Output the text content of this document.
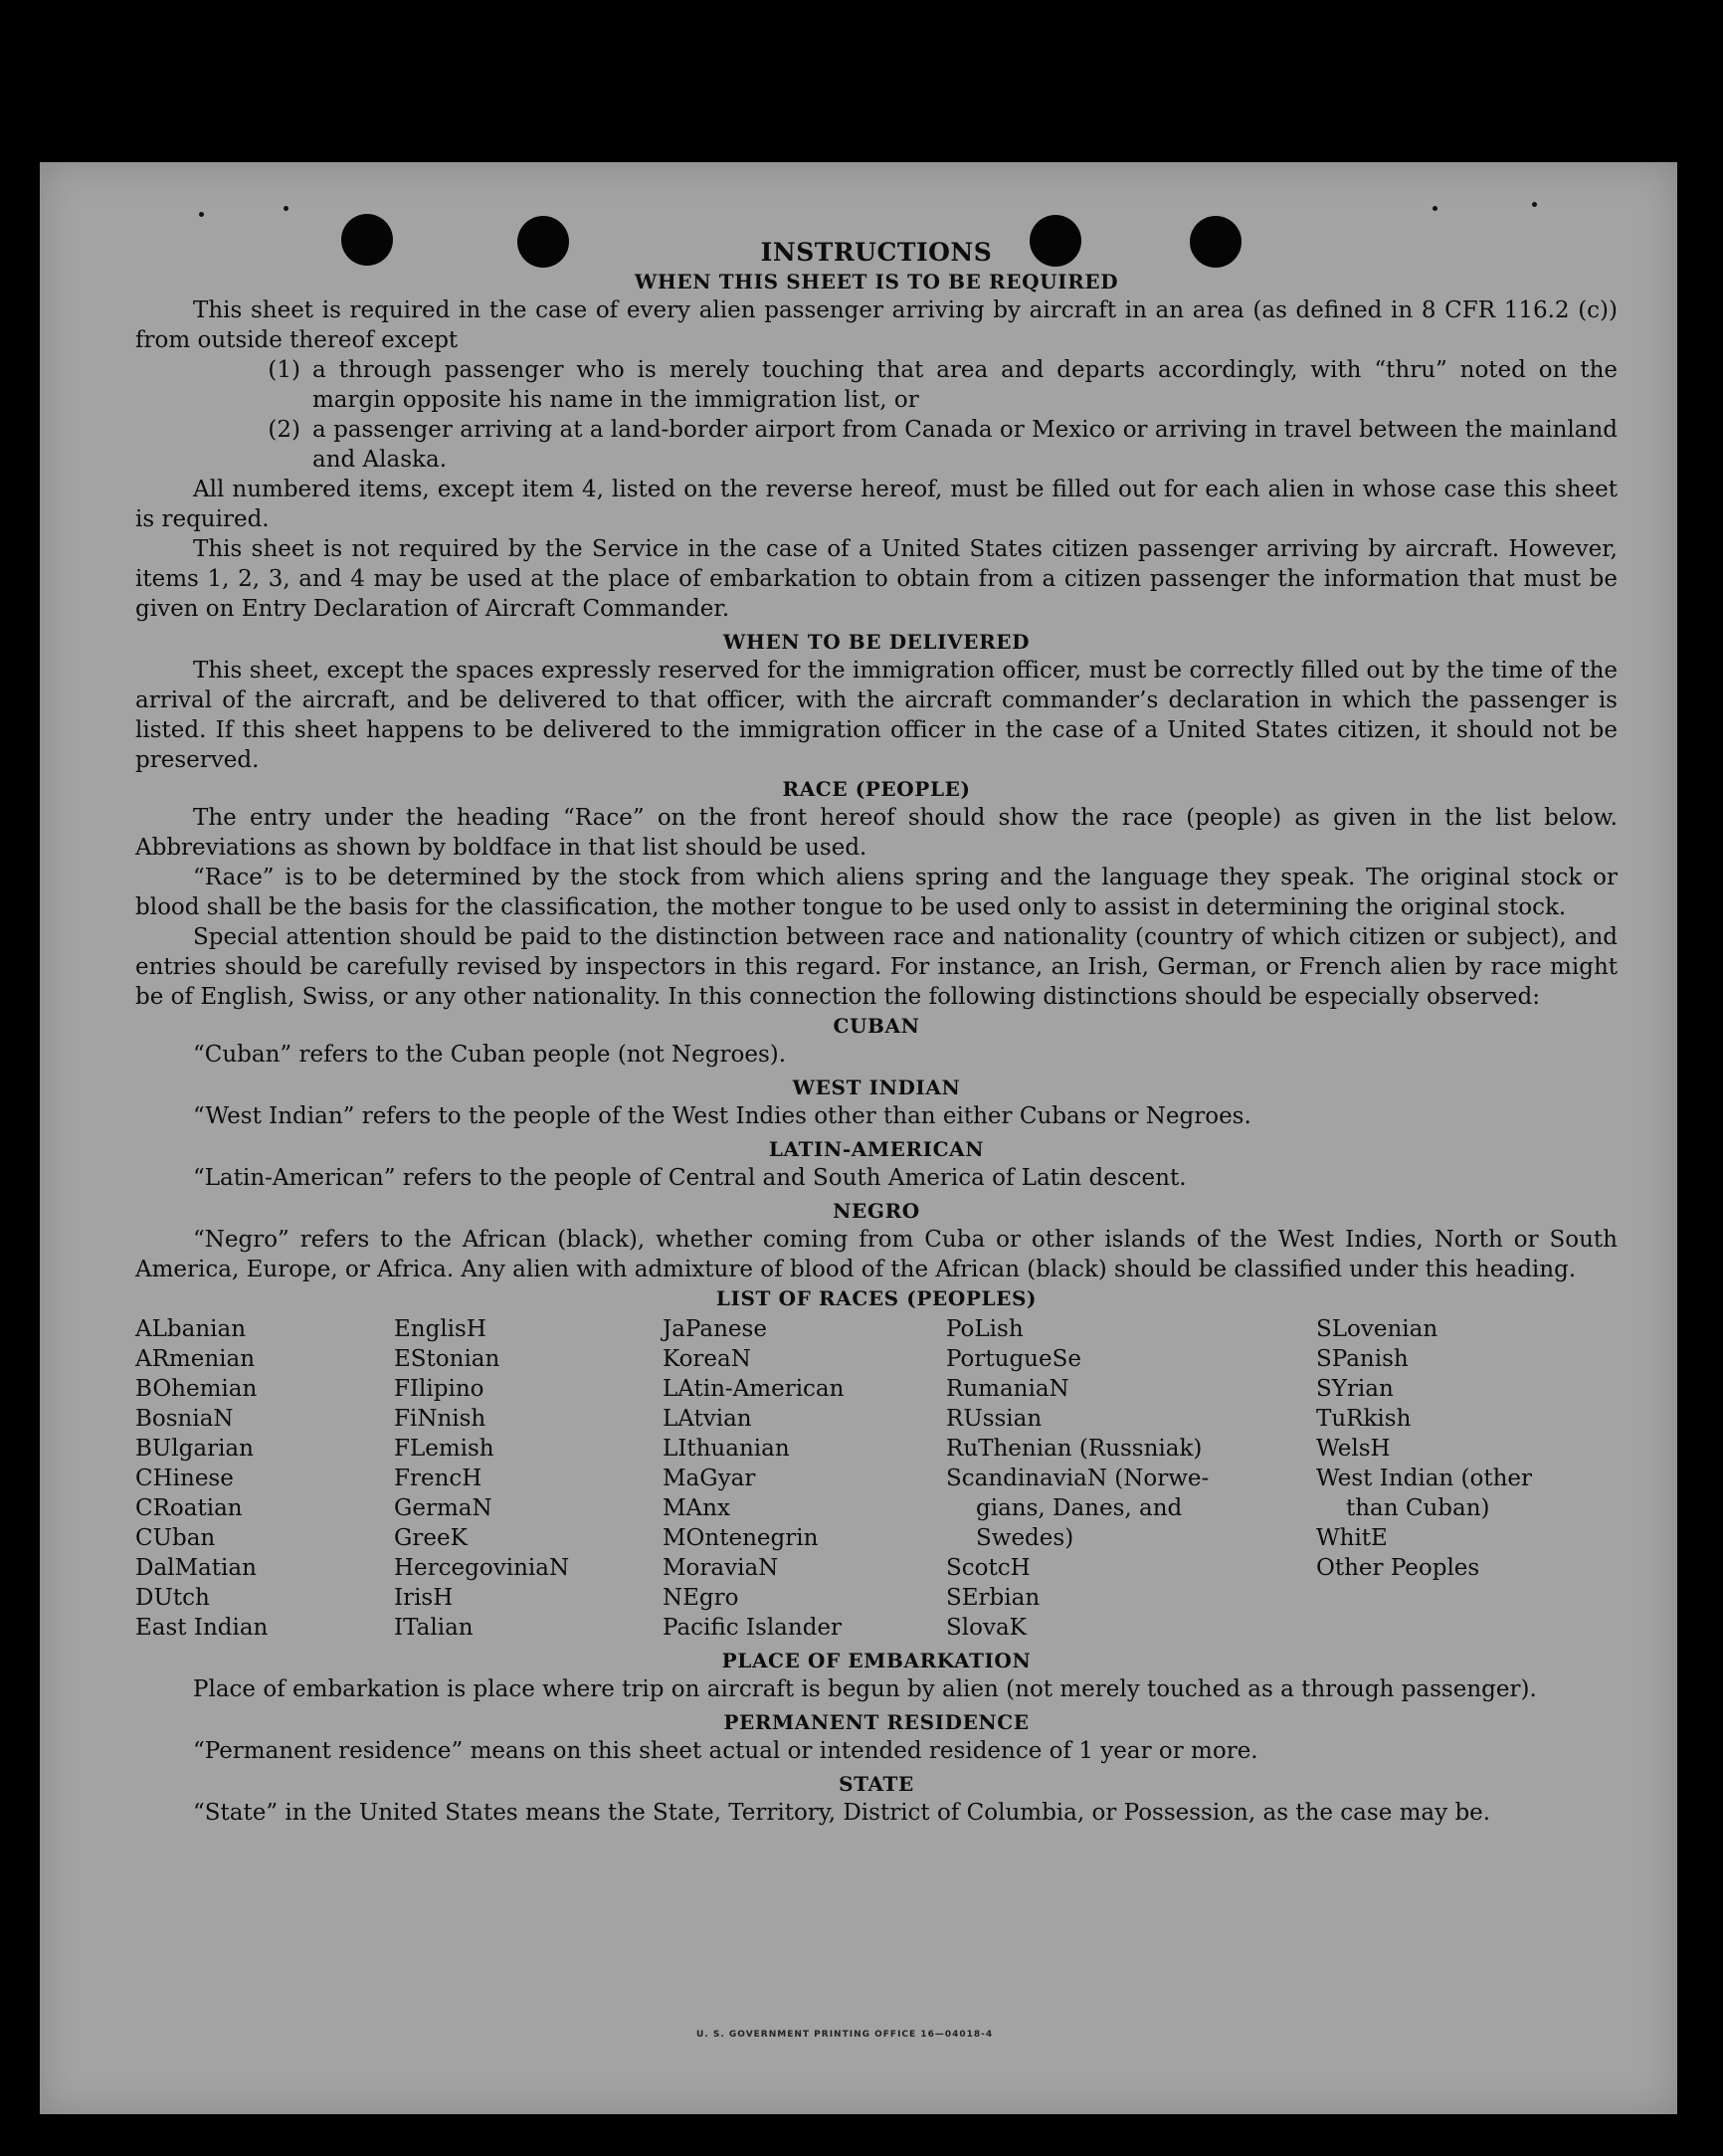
INSTRUCTIONS

WHEN THIS SHEET IS TO BE REQUIRED

This sheet is required in the case of every alien passenger arriving by aircraft in an area (as defined in 8 CFR 116.2 (c)) from outside thereof except

(1) a through passenger who is merely touching that area and departs accordingly, with “thru” noted on the margin opposite his name in the immigration list, or
(2) a passenger arriving at a land-border airport from Canada or Mexico or arriving in travel between the mainland and Alaska.

All numbered items, except item 4, listed on the reverse hereof, must be filled out for each alien in whose case this sheet is required.

This sheet is not required by the Service in the case of a United States citizen passenger arriving by aircraft. However, items 1, 2, 3, and 4 may be used at the place of embarkation to obtain from a citizen passenger the information that must be given on Entry Declaration of Aircraft Commander.

WHEN TO BE DELIVERED

This sheet, except the spaces expressly reserved for the immigration officer, must be correctly filled out by the time of the arrival of the aircraft, and be delivered to that officer, with the aircraft commander’s declaration in which the passenger is listed. If this sheet happens to be delivered to the immigration officer in the case of a United States citizen, it should not be preserved.

RACE (PEOPLE)

The entry under the heading “Race” on the front hereof should show the race (people) as given in the list below. Abbreviations as shown by boldface in that list should be used.

“Race” is to be determined by the stock from which aliens spring and the language they speak. The original stock or blood shall be the basis for the classification, the mother tongue to be used only to assist in determining the original stock.

Special attention should be paid to the distinction between race and nationality (country of which citizen or subject), and entries should be carefully revised by inspectors in this regard. For instance, an Irish, German, or French alien by race might be of English, Swiss, or any other nationality. In this connection the following distinctions should be especially observed:

CUBAN

“Cuban” refers to the Cuban people (not Negroes).

WEST INDIAN

“West Indian” refers to the people of the West Indies other than either Cubans or Negroes.

LATIN-AMERICAN

“Latin-American” refers to the people of Central and South America of Latin descent.

NEGRO

“Negro” refers to the African (black), whether coming from Cuba or other islands of the West Indies, North or South America, Europe, or Africa. Any alien with admixture of blood of the African (black) should be classified under this heading.

LIST OF RACES (PEOPLES)

ALbanian
ARmenian
BOhemian
BosniaN
BUlgarian
CHinese
CRoatian
CUban
DalMatian
DUtch
East Indian
EnglisH
EStonian
FIlipino
FiNnish
FLemish
FrencH
GermaN
GreeK
HercegoviniaN
IrisH
ITalian
JaPanese
KoreaN
LAtin-American
LAtvian
LIthuanian
MaGyar
MAnx
MOntenegrin
MoraviaN
NEgro
Pacific Islander
PoLish
PortugueSe
RumaniaN
RUssian
RuThenian (Russniak)
ScandinaviaN (Norwe-
gians, Danes, and
Swedes)
ScotcH
SErbian
SlovaK
SLovenian
SPanish
SYrian
TuRkish
WelsH
West Indian (other
than Cuban)
WhitE
Other Peoples

PLACE OF EMBARKATION

Place of embarkation is place where trip on aircraft is begun by alien (not merely touched as a through passenger).

PERMANENT RESIDENCE

“Permanent residence” means on this sheet actual or intended residence of 1 year or more.

STATE

“State” in the United States means the State, Territory, District of Columbia, or Possession, as the case may be.

U. S. GOVERNMENT PRINTING OFFICE 16—04018-4
